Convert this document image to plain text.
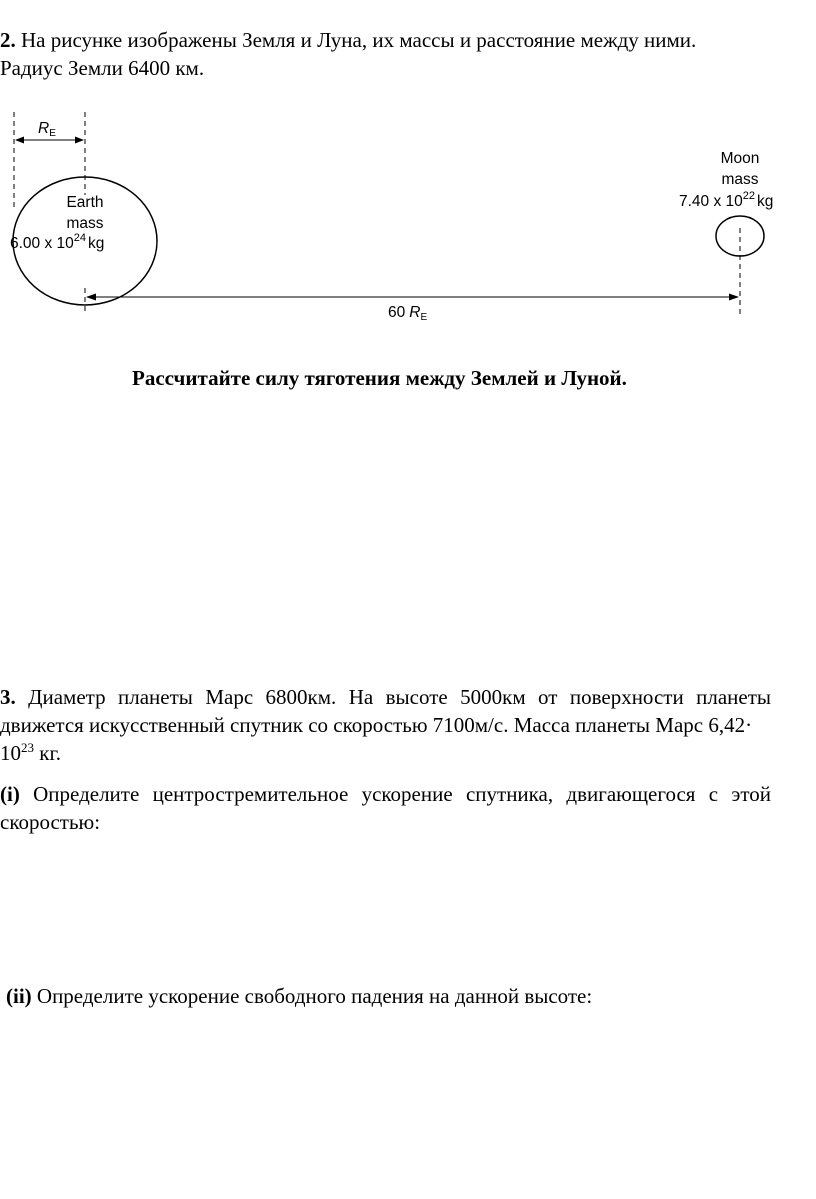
2. На рисунке изображены Земля и Луна, их массы и расстояние между ними.

Радиус Земли 6400 км.

RE
Earth
mass
6.00 x $10^{24}$ kg
Moon
mass
7.40 x $10^{22}$ kg
60 RE

Рассчитайте силу тяготения между Землей и Луной.

3. Диаметр планеты Марс 6800км. На высоте 5000км от поверхности планеты движется искусственный спутник со скоростью 7100м/с. Масса планеты Марс 6,42·
$10^{23}$ кг.

(i) Определите центростремительное ускорение спутника, двигающегося с этой скоростью:

(ii) Определите ускорение свободного падения на данной высоте:
